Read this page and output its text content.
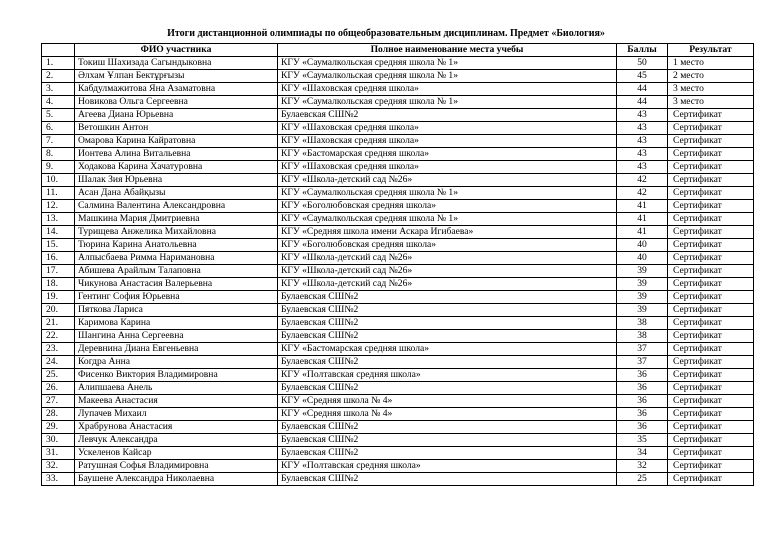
Итоги дистанционной олимпиады по общеобразовательным дисциплинам. Предмет «Биология»
	ФИО участника	Полное наименование места учебы	Баллы	Результат
1.	Токиш Шахизада Сагындыковна	КГУ «Саумалкольская средняя школа № 1»	50	1 место
2.	Әлхам Ұлпан Бектұрғызы	КГУ «Саумалкольская средняя школа № 1»	45	2 место
3.	Кабдулмажитова Яна Азаматовна	КГУ «Шаховская средняя школа»	44	3 место
4.	Новикова Ольга Сергеевна	КГУ «Саумалкольская средняя школа № 1»	44	3 место
5.	Агеева Диана Юрьевна	Булаевская СШ№2	43	Сертификат
6.	Ветошкин Антон	КГУ «Шаховская средняя школа»	43	Сертификат
7.	Омарова Карина Кайратовна	КГУ «Шаховская средняя школа»	43	Сертификат
8.	Ионтева Алина Витальевна	КГУ «Бастомарская средняя школа»	43	Сертификат
9.	Ходакова Карина Хачатуровна	КГУ «Шаховская средняя школа»	43	Сертификат
10.	Шалак Зия Юрьевна	КГУ «Школа-детский сад №26»	42	Сертификат
11.	Асан Дана Абайқызы	КГУ «Саумалкольская средняя школа № 1»	42	Сертификат
12.	Салмина Валентина Александровна	КГУ «Боголюбовская средняя школа»	41	Сертификат
13.	Машкина Мария Дмитриевна	КГУ «Саумалкольская средняя школа № 1»	41	Сертификат
14.	Турищева Анжелика Михайловна	КГУ «Средняя школа имени Аскара Игибаева»	41	Сертификат
15.	Тюрина Карина Анатольевна	КГУ «Боголюбовская средняя школа»	40	Сертификат
16.	Алпысбаева Римма Наримановна	КГУ «Школа-детский сад №26»	40	Сертификат
17.	Абишева Арайлым Талаповна	КГУ «Школа-детский сад №26»	39	Сертификат
18.	Чикунова Анастасия Валерьевна	КГУ «Школа-детский сад №26»	39	Сертификат
19.	Гентинг София Юрьевна	Булаевская СШ№2	39	Сертификат
20.	Пяткова Лариса	Булаевская СШ№2	39	Сертификат
21.	Каримова Карина	Булаевская СШ№2	38	Сертификат
22.	Шангина Анна Сергеевна	Булаевская СШ№2	38	Сертификат
23.	Деревнина Диана Евгеньевна	КГУ «Бастомарская средняя школа»	37	Сертификат
24.	Когдра Анна	Булаевская СШ№2	37	Сертификат
25.	Фисенко Виктория Владимировна	КГУ «Полтавская средняя школа»	36	Сертификат
26.	Алипшаева Анель	Булаевская СШ№2	36	Сертификат
27.	Макеева Анастасия	КГУ «Средняя школа № 4»	36	Сертификат
28.	Лупачев Михаил	КГУ «Средняя школа № 4»	36	Сертификат
29.	Храбрунова Анастасия	Булаевская СШ№2	36	Сертификат
30.	Левчук Александра	Булаевская СШ№2	35	Сертификат
31.	Ускеленов Кайсар	Булаевская СШ№2	34	Сертификат
32.	Ратушная Софья Владимировна	КГУ «Полтавская средняя школа»	32	Сертификат
33.	Баушене Александра Николаевна	Булаевская СШ№2	25	Сертификат
